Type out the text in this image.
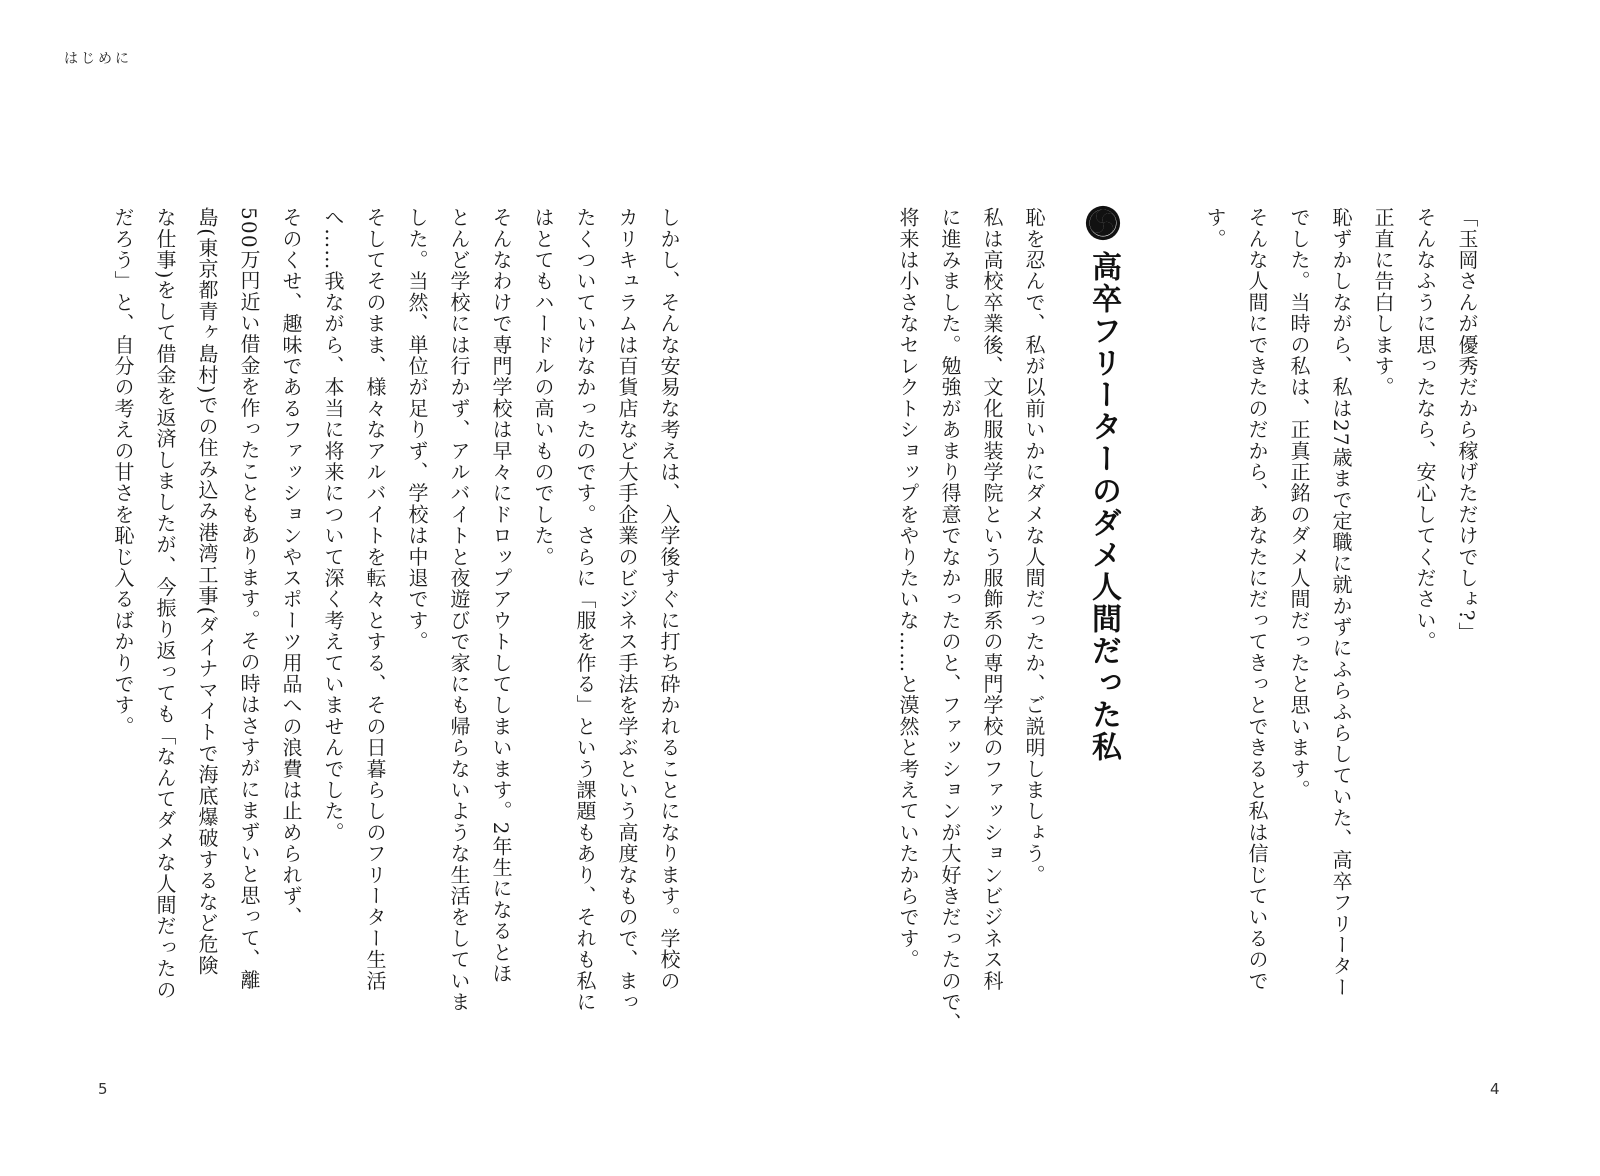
はじめに

「玉岡さんが優秀だから稼げただけでしょ?」

そんなふうに思ったなら、安心してください。

正直に告白します。

恥ずかしながら、私は27歳まで定職に就かずにふらふらしていた、高卒フリーター

でした。当時の私は、正真正銘のダメ人間だったと思います。

そんな人間にできたのだから、あなたにだってきっとできると私は信じているので

す。

高卒フリーターのダメ人間だった私

恥を忍んで、私が以前いかにダメな人間だったか、ご説明しましょう。

私は高校卒業後、文化服装学院という服飾系の専門学校のファッションビジネス科

に進みました。勉強があまり得意でなかったのと、ファッションが大好きだったので、

将来は小さなセレクトショップをやりたいな……と漠然と考えていたからです。

しかし、そんな安易な考えは、入学後すぐに打ち砕かれることになります。学校の

カリキュラムは百貨店など大手企業のビジネス手法を学ぶという高度なもので、まっ

たくついていけなかったのです。さらに「服を作る」という課題もあり、それも私に

はとてもハードルの高いものでした。

そんなわけで専門学校は早々にドロップアウトしてしまいます。2年生になるとほ

とんど学校には行かず、アルバイトと夜遊びで家にも帰らないような生活をしていま

した。当然、単位が足りず、学校は中退です。

そしてそのまま、様々なアルバイトを転々とする、その日暮らしのフリーター生活

へ……我ながら、本当に将来について深く考えていませんでした。

そのくせ、趣味であるファッションやスポーツ用品への浪費は止められず、

500万円近い借金を作ったこともあります。その時はさすがにまずいと思って、離

島(東京都青ヶ島村)での住み込み港湾工事(ダイナマイトで海底爆破するなど危険

な仕事)をして借金を返済しましたが、今振り返っても「なんてダメな人間だったの

だろう」と、自分の考えの甘さを恥じ入るばかりです。

5	4
